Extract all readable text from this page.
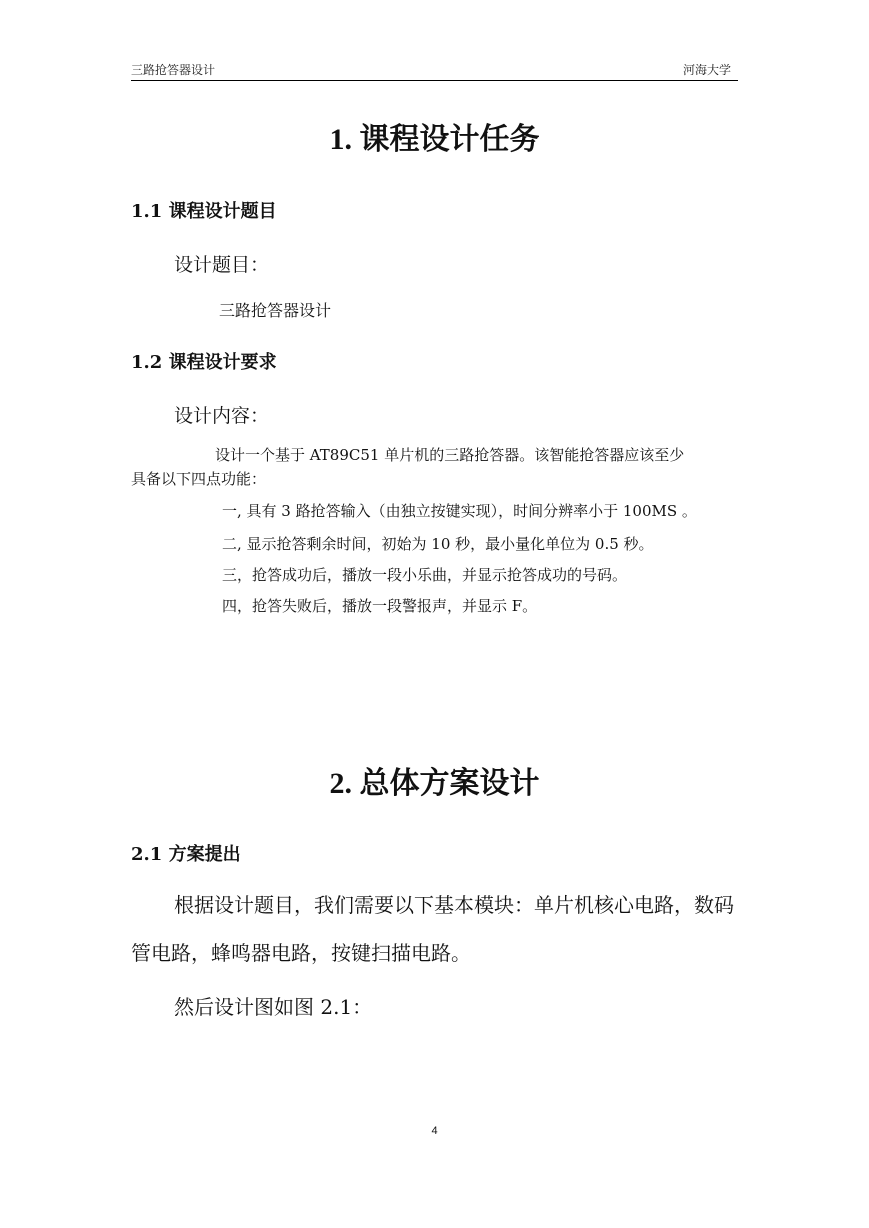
三路抢答器设计	河海大学
1. 课程设计任务
1.1 课程设计题目
设计题目：
三路抢答器设计
1.2 课程设计要求
设计内容：
设计一个基于 AT89C51 单片机的三路抢答器。该智能抢答器应该至少
具备以下四点功能：
一, 具有 3 路抢答输入（由独立按键实现），时间分辨率小于 100MS 。
二, 显示抢答剩余时间，初始为 10 秒，最小量化单位为 0.5 秒。
三，抢答成功后，播放一段小乐曲，并显示抢答成功的号码。
四，抢答失败后，播放一段警报声，并显示 F。
2. 总体方案设计
2.1 方案提出
根据设计题目，我们需要以下基本模块：单片机核心电路，数码
管电路，蜂鸣器电路，按键扫描电路。
然后设计图如图 2.1：
4
